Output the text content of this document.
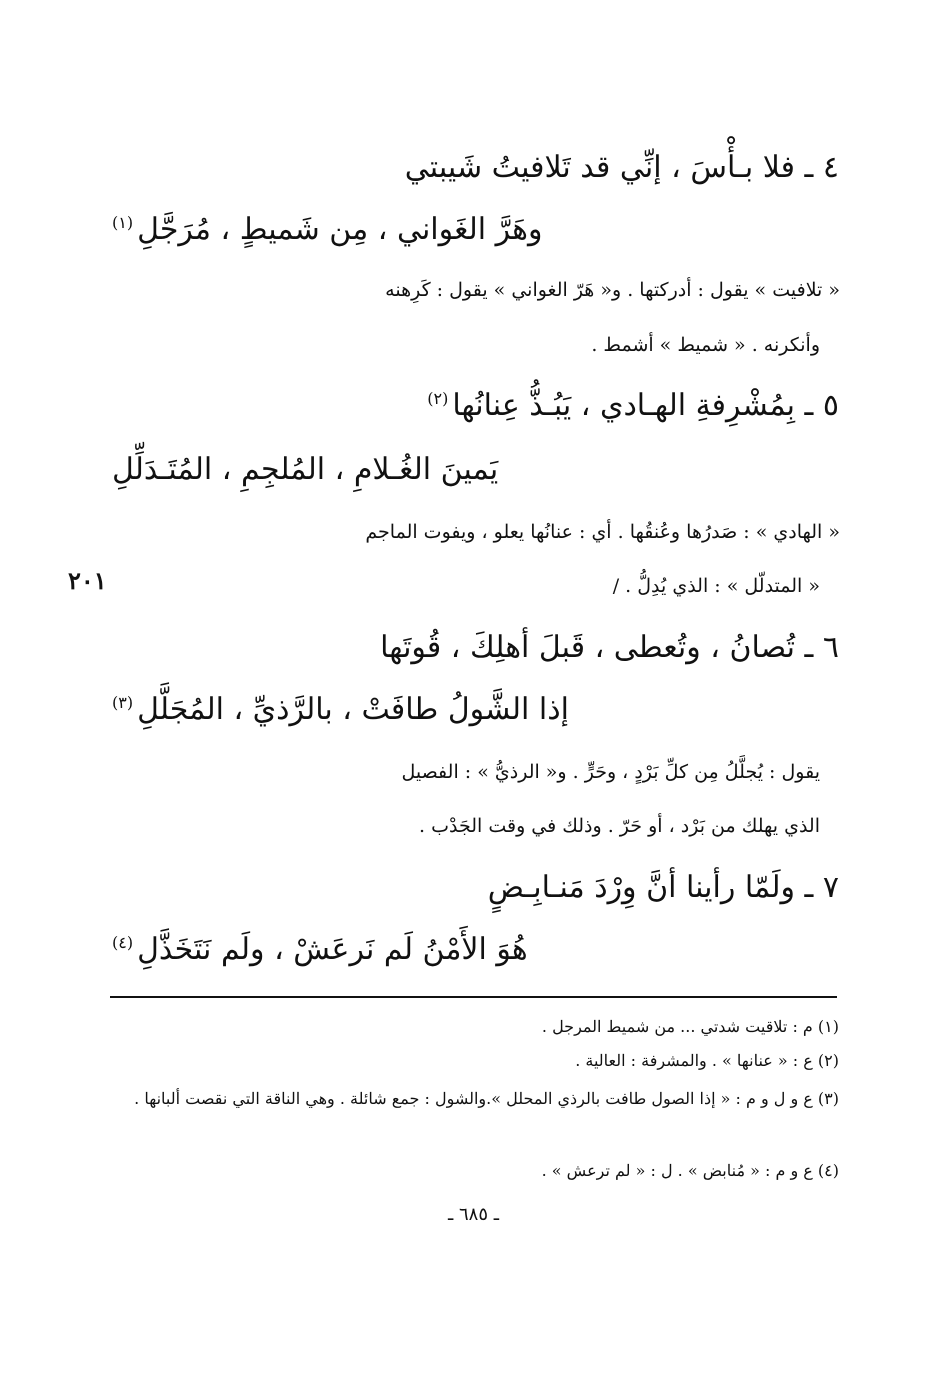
٤ ـ فلا بـأْسَ ، إنِّي قد تَلافيتُ شَيبتي
وهَرَّ الغَواني ، مِن شَميطٍ ، مُرَجَّلِ$^{(١)}$
« تلافيت » يقول : أدركتها . و« هَرّ الغواني » يقول : كَرِهنه
وأنكرنه . « شميط » أشمط .
٥ ـ بِمُشْرِفةِ الهـادي ، يَبُـذُّ عِنانُها$^{(٢)}$
يَمينَ الغُـلامِ ، المُلجِمِ ، المُتَـدَلِّلِ
« الهادي » : صَدرُها وعُنقُها . أي : عنانُها يعلو ، ويفوت الماجم
« المتدلّل » : الذي يُدِلُّ . /
٢٠١
٦ ـ تُصانُ ، وتُعطى ، قَبلَ أهلِكَ ، قُوتَها
إذا الشَّولُ طافَتْ ، بالرَّذيِّ ، المُجَلَّلِ$^{(٣)}$
يقول : يُجلَّلُ مِن كلِّ بَرْدٍ ، وحَرٍّ . و« الرذيُّ » : الفصيل
الذي يهلك من بَرْد ، أو حَرّ . وذلك في وقت الجَدْب .
٧ ـ ولَمّا رأينا أنَّ وِرْدَ مَنـابِـضٍ
هُوَ الأَمْنُ لَم نَرعَشْ ، ولَم نَتَخَذَّلِ$^{(٤)}$
(١) م : تلاقيت شدتي ... من شميط المرجل .
(٢) ع : « عنانها » . والمشرفة : العالية .
(٣) ع و ل و م : « إذا الصول طافت بالرذي المحلل ».والشول : جمع شائلة . وهي الناقة التي نقصت ألبانها .
(٤) ع و م : « مُنابض » . ل : « لم ترعش » .
ـ ٦٨٥ ـ
